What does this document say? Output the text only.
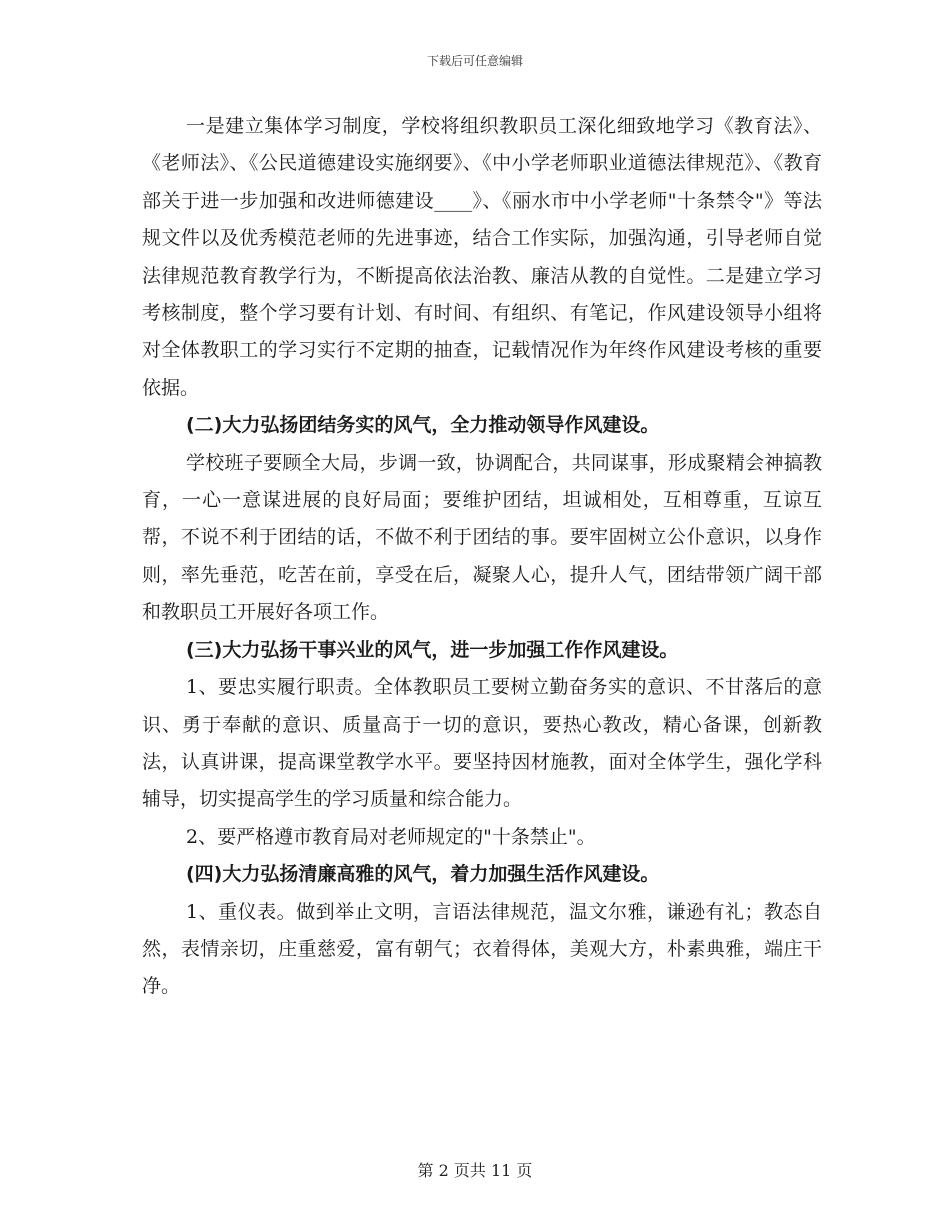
下载后可任意编辑

一是建立集体学习制度，学校将组织教职员工深化细致地学习《教育法》、《老师法》、《公民道德建设实施纲要》、《中小学老师职业道德法律规范》、《教育部关于进一步加强和改进师德建设____》、《丽水市中小学老师"十条禁令"》等法规文件以及优秀模范老师的先进事迹，结合工作实际，加强沟通，引导老师自觉法律规范教育教学行为，不断提高依法治教、廉洁从教的自觉性。二是建立学习考核制度，整个学习要有计划、有时间、有组织、有笔记，作风建设领导小组将对全体教职工的学习实行不定期的抽查，记载情况作为年终作风建设考核的重要依据。

(二)大力弘扬团结务实的风气，全力推动领导作风建设。

学校班子要顾全大局，步调一致，协调配合，共同谋事，形成聚精会神搞教育，一心一意谋进展的良好局面；要维护团结，坦诚相处，互相尊重，互谅互帮，不说不利于团结的话，不做不利于团结的事。要牢固树立公仆意识，以身作则，率先垂范，吃苦在前，享受在后，凝聚人心，提升人气，团结带领广阔干部和教职员工开展好各项工作。

(三)大力弘扬干事兴业的风气，进一步加强工作作风建设。

1、要忠实履行职责。全体教职员工要树立勤奋务实的意识、不甘落后的意识、勇于奉献的意识、质量高于一切的意识，要热心教改，精心备课，创新教法，认真讲课，提高课堂教学水平。要坚持因材施教，面对全体学生，强化学科辅导，切实提高学生的学习质量和综合能力。

2、要严格遵市教育局对老师规定的"十条禁止"。

(四)大力弘扬清廉高雅的风气，着力加强生活作风建设。

1、重仪表。做到举止文明，言语法律规范，温文尔雅，谦逊有礼；教态自然，表情亲切，庄重慈爱，富有朝气；衣着得体，美观大方，朴素典雅，端庄干净。

第 2 页共 11 页
